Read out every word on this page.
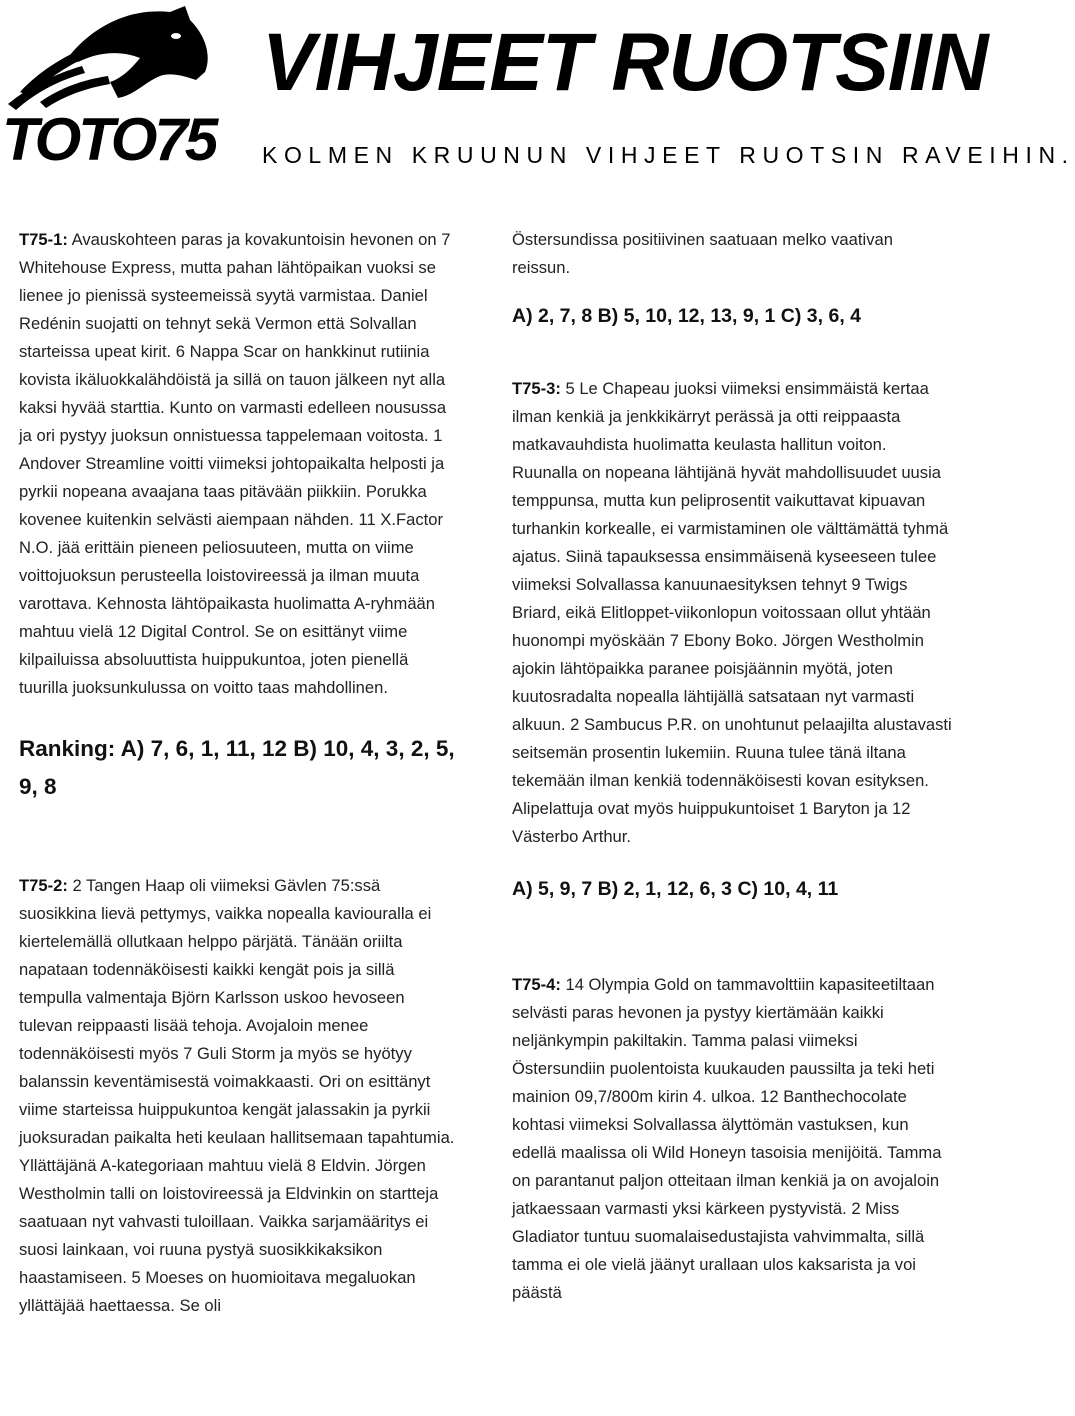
TOTO75
VIHJEET RUOTSIIN
KOLMEN KRUUNUN VIHJEET RUOTSIN RAVEIHIN.

T75-1: Avauskohteen paras ja kovakuntoisin hevonen on 7 Whitehouse Express, mutta pahan lähtöpaikan vuoksi se lienee jo pienissä systeemeissä syytä varmistaa. Daniel Redénin suojatti on tehnyt sekä Vermon että Solvallan starteissa upeat kirit. 6 Nappa Scar on hankkinut rutiinia kovista ikäluokkalähdöistä ja sillä on tauon jälkeen nyt alla kaksi hyvää starttia. Kunto on varmasti edelleen nousussa ja ori pystyy juoksun onnistuessa tappelemaan voitosta. 1 Andover Streamline voitti viimeksi johtopaikalta helposti ja pyrkii nopeana avaajana taas pitävään piikkiin. Porukka kovenee kuitenkin selvästi aiempaan nähden. 11 X.Factor N.O. jää erittäin pieneen peliosuuteen, mutta on viime voittojuoksun perusteella loistovireessä ja ilman muuta varottava. Kehnosta lähtöpaikasta huolimatta A-ryhmään mahtuu vielä 12 Digital Control. Se on esittänyt viime kilpailuissa absoluuttista huippukuntoa, joten pienellä tuurilla juoksunkulussa on voitto taas mahdollinen.

Ranking: A) 7, 6, 1, 11, 12 B) 10, 4, 3, 2, 5, 9, 8

T75-2: 2 Tangen Haap oli viimeksi Gävlen 75:ssä suosikkina lievä pettymys, vaikka nopealla kaviouralla ei kiertelemällä ollutkaan helppo pärjätä. Tänään oriilta napataan todennäköisesti kaikki kengät pois ja sillä tempulla valmentaja Björn Karlsson uskoo hevoseen tulevan reippaasti lisää tehoja. Avojaloin menee todennäköisesti myös 7 Guli Storm ja myös se hyötyy balanssin keventämisestä voimakkaasti. Ori on esittänyt viime starteissa huippukuntoa kengät jalassakin ja pyrkii juoksuradan paikalta heti keulaan hallitsemaan tapahtumia. Yllättäjänä A-kategoriaan mahtuu vielä 8 Eldvin. Jörgen Westholmin talli on loistovireessä ja Eldvinkin on startteja saatuaan nyt vahvasti tuloillaan. Vaikka sarjamääritys ei suosi lainkaan, voi ruuna pystyä suosikkikaksikon haastamiseen. 5 Moeses on huomioitava megaluokan yllättäjää haettaessa. Se oli

Östersundissa positiivinen saatuaan melko vaativan reissun.

A) 2, 7, 8 B) 5, 10, 12, 13, 9, 1 C) 3, 6, 4

T75-3: 5 Le Chapeau juoksi viimeksi ensimmäistä kertaa ilman kenkiä ja jenkkikärryt perässä ja otti reippaasta matkavauhdista huolimatta keulasta hallitun voiton. Ruunalla on nopeana lähtijänä hyvät mahdollisuudet uusia temppunsa, mutta kun peliprosentit vaikuttavat kipuavan turhankin korkealle, ei varmistaminen ole välttämättä tyhmä ajatus. Siinä tapauksessa ensimmäisenä kyseeseen tulee viimeksi Solvallassa kanuunaesityksen tehnyt 9 Twigs Briard, eikä Elitloppet-viikonlopun voitossaan ollut yhtään huonompi myöskään 7 Ebony Boko. Jörgen Westholmin ajokin lähtöpaikka paranee poisjäännin myötä, joten kuutosradalta nopealla lähtijällä satsataan nyt varmasti alkuun. 2 Sambucus P.R. on unohtunut pelaajilta alustavasti seitsemän prosentin lukemiin. Ruuna tulee tänä iltana tekemään ilman kenkiä todennäköisesti kovan esityksen. Alipelattuja ovat myös huippukuntoiset 1 Baryton ja 12 Västerbo Arthur.

A) 5, 9, 7 B) 2, 1, 12, 6, 3 C) 10, 4, 11

T75-4: 14 Olympia Gold on tammavolttiin kapasiteetiltaan selvästi paras hevonen ja pystyy kiertämään kaikki neljänkympin pakiltakin. Tamma palasi viimeksi Östersundiin puolentoista kuukauden paussilta ja teki heti mainion 09,7/800m kirin 4. ulkoa. 12 Banthechocolate kohtasi viimeksi Solvallassa älyttömän vastuksen, kun edellä maalissa oli Wild Honeyn tasoisia menijöitä. Tamma on parantanut paljon otteitaan ilman kenkiä ja on avojaloin jatkaessaan varmasti yksi kärkeen pystyvistä. 2 Miss Gladiator tuntuu suomalaisedustajista vahvimmalta, sillä tamma ei ole vielä jäänyt urallaan ulos kaksarista ja voi päästä
